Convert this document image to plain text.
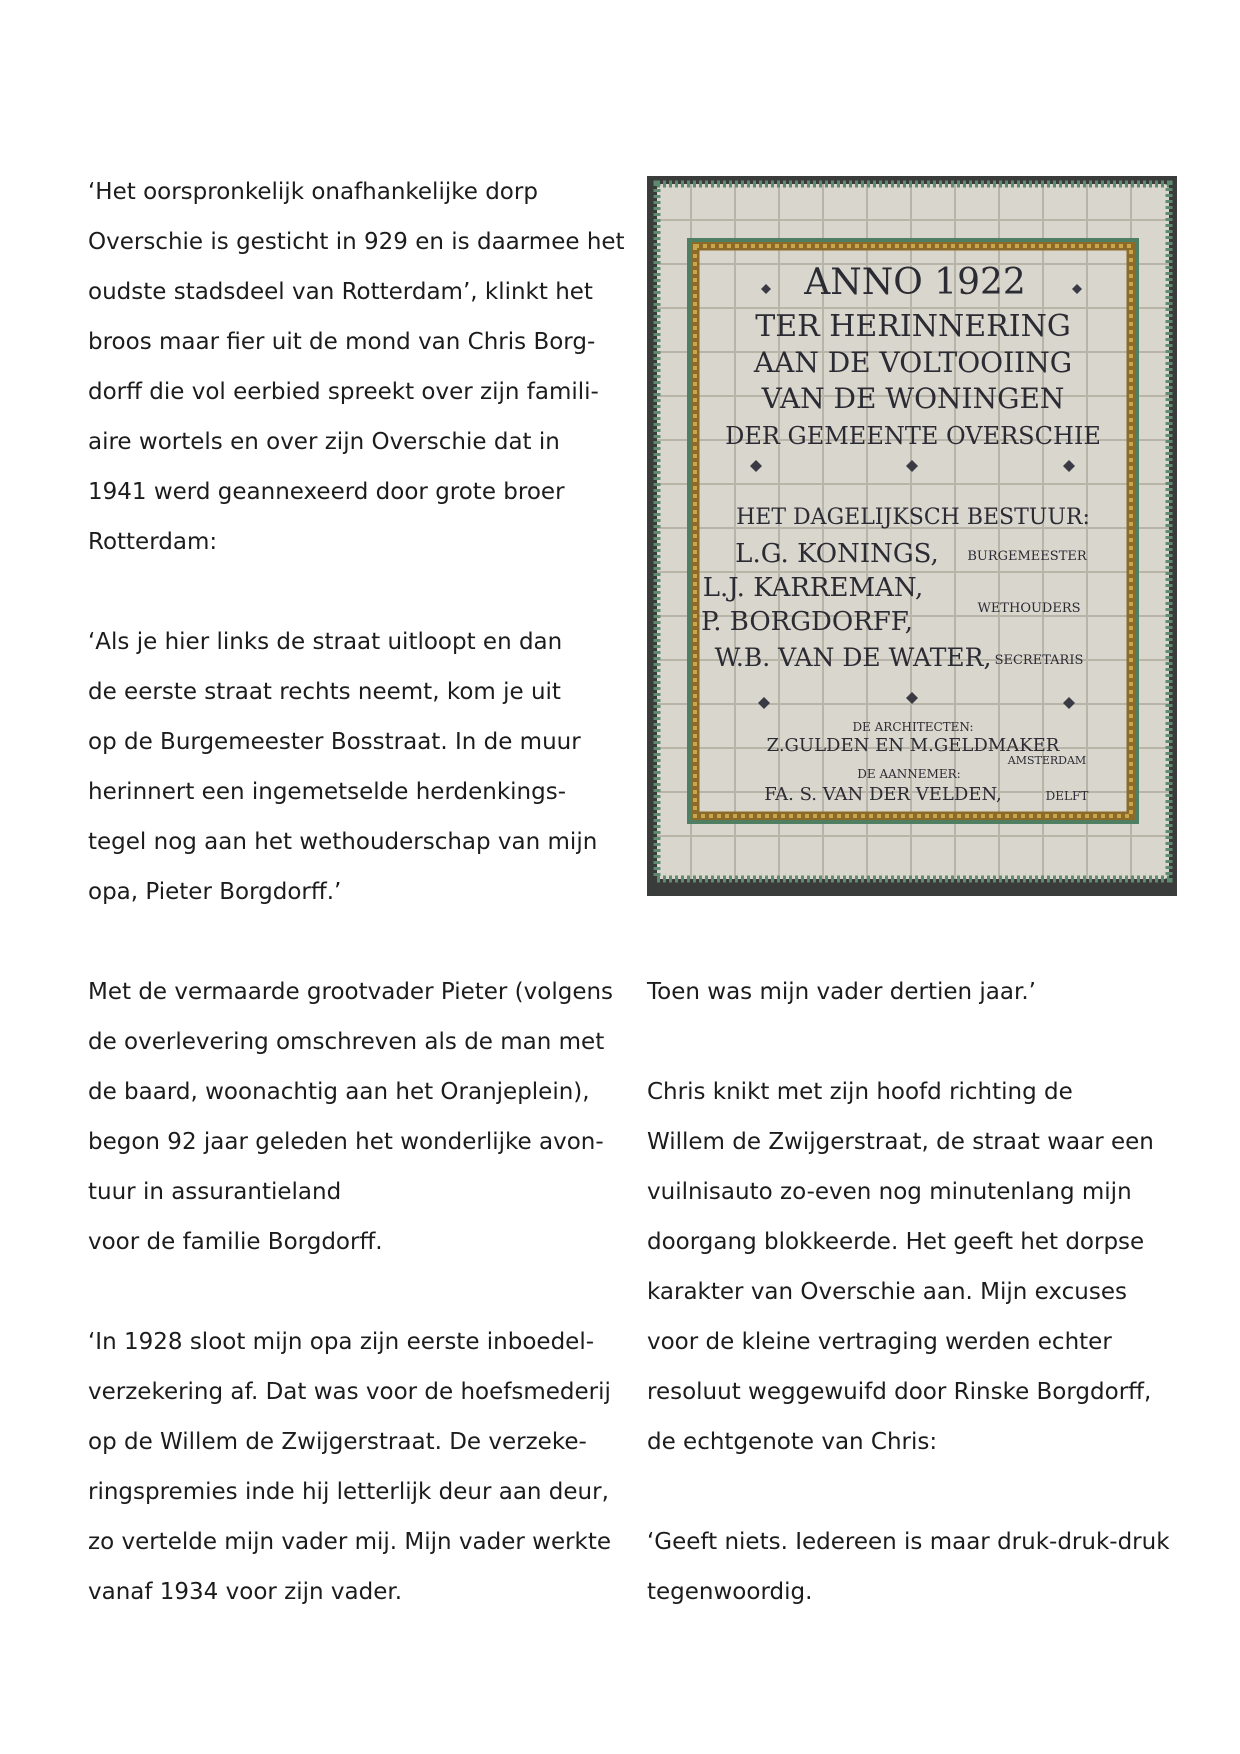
‘Het oorspronkelijk onafhankelijke dorp

Overschie is gesticht in 929 en is daarmee het

oudste stadsdeel van Rotterdam’, klinkt het

broos maar fier uit de mond van Chris Borg-

dorff die vol eerbied spreekt over zijn famili-

aire wortels en over zijn Overschie dat in

1941 werd geannexeerd door grote broer

Rotterdam:

‘Als je hier links de straat uitloopt en dan

de eerste straat rechts neemt, kom je uit

op de Burgemeester Bosstraat. In de muur

herinnert een ingemetselde herdenkings-

tegel nog aan het wethouderschap van mijn

opa, Pieter Borgdorff.’

ANNO 1922
TER HERINNERING
AAN DE VOLTOOIING
VAN DE WONINGEN
DER GEMEENTE OVERSCHIE
HET DAGELIJKSCH BESTUUR:
L.G. KONINGS, BURGEMEESTER
L.J. KARREMAN,
WETHOUDERS
P. BORGDORFF,
W.B. VAN DE WATER, SECRETARIS
DE ARCHITECTEN:
Z.GULDEN EN M.GELDMAKER
AMSTERDAM
DE AANNEMER:
FA. S. VAN DER VELDEN,	DELFT

Met de vermaarde grootvader Pieter (volgens

de overlevering omschreven als de man met

de baard, woonachtig aan het Oranjeplein),

begon 92 jaar geleden het wonderlijke avon-

tuur in assurantieland

voor de familie Borgdorff.

‘In 1928 sloot mijn opa zijn eerste inboedel-

verzekering af. Dat was voor de hoefsmederij

op de Willem de Zwijgerstraat. De verzeke-

ringspremies inde hij letterlijk deur aan deur,

zo vertelde mijn vader mij. Mijn vader werkte

vanaf 1934 voor zijn vader.

Toen was mijn vader dertien jaar.’

Chris knikt met zijn hoofd richting de

Willem de Zwijgerstraat, de straat waar een

vuilnisauto zo-even nog minutenlang mijn

doorgang blokkeerde. Het geeft het dorpse

karakter van Overschie aan. Mijn excuses

voor de kleine vertraging werden echter

resoluut weggewuifd door Rinske Borgdorff,

de echtgenote van Chris:

‘Geeft niets. Iedereen is maar druk-druk-druk

tegenwoordig.
